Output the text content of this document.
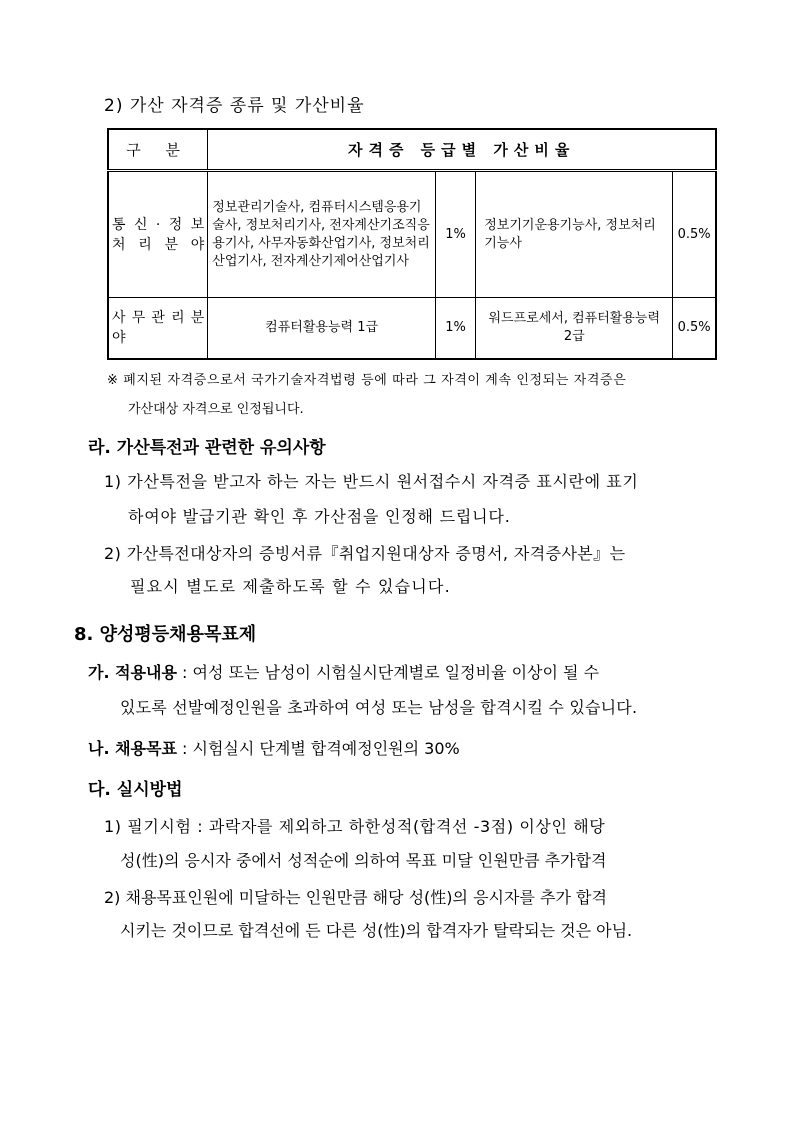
2) 가산 자격증 종류 및 가산비율
구 분	자격증 등급별 가산비율			
통 신 · 정 보 처 리 분 야	정보관리기술사, 컴퓨터시스템응용기술사, 정보처리기사, 전자계산기조직응용기사, 사무자동화산업기사, 정보처리산업기사, 전자계산기제어산업기사	1%	정보기기운용기능사, 정보처리기능사	0.5%
사 무 관 리 분 야	컴퓨터활용능력 1급	1%	워드프로세서, 컴퓨터활용능력 2급	0.5%
※ 폐지된 자격증으로서 국가기술자격법령 등에 따라 그 자격이 계속 인정되는 자격증은
가산대상 자격으로 인정됩니다.
라. 가산특전과 관련한 유의사항
1) 가산특전을 받고자 하는 자는 반드시 원서접수시 자격증 표시란에 표기
하여야 발급기관 확인 후 가산점을 인정해 드립니다.
2) 가산특전대상자의 증빙서류『취업지원대상자 증명서, 자격증사본』는
필요시 별도로 제출하도록 할 수 있습니다.
8. 양성평등채용목표제
가. 적용내용 : 여성 또는 남성이 시험실시단계별로 일정비율 이상이 될 수
있도록 선발예정인원을 초과하여 여성 또는 남성을 합격시킬 수 있습니다.
나. 채용목표 : 시험실시 단계별 합격예정인원의 30%
다. 실시방법
1) 필기시험 : 과락자를 제외하고 하한성적(합격선 -3점) 이상인 해당
성(性)의 응시자 중에서 성적순에 의하여 목표 미달 인원만큼 추가합격
2) 채용목표인원에 미달하는 인원만큼 해당 성(性)의 응시자를 추가 합격
시키는 것이므로 합격선에 든 다른 성(性)의 합격자가 탈락되는 것은 아님.
